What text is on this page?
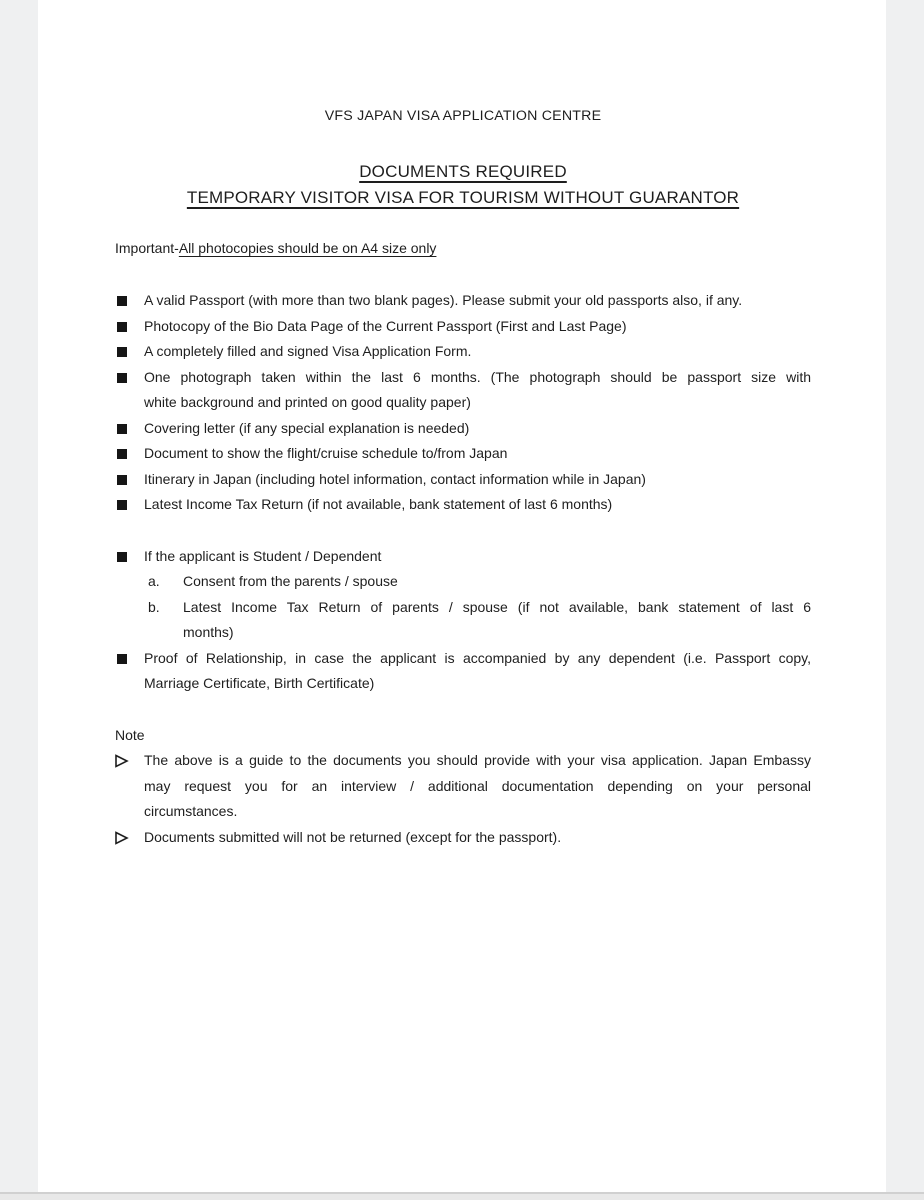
VFS JAPAN VISA APPLICATION CENTRE
DOCUMENTS REQUIRED
TEMPORARY VISITOR VISA FOR TOURISM WITHOUT GUARANTOR
Important-All photocopies should be on A4 size only
A valid Passport (with more than two blank pages). Please submit your old passports also, if any.
Photocopy of the Bio Data Page of the Current Passport (First and Last Page)
A completely filled and signed Visa Application Form.
One photograph taken within the last 6 months. (The photograph should be passport size with
white background and printed on good quality paper)
Covering letter (if any special explanation is needed)
Document to show the flight/cruise schedule to/from Japan
Itinerary in Japan (including hotel information, contact information while in Japan)
Latest Income Tax Return (if not available, bank statement of last 6 months)
If the applicant is Student / Dependent
a. Consent from the parents / spouse
b. Latest Income Tax Return of parents / spouse (if not available, bank statement of last 6
months)
Proof of Relationship, in case the applicant is accompanied by any dependent (i.e. Passport copy,
Marriage Certificate, Birth Certificate)
Note
The above is a guide to the documents you should provide with your visa application. Japan Embassy
may request you for an interview / additional documentation depending on your personal
circumstances.
Documents submitted will not be returned (except for the passport).
